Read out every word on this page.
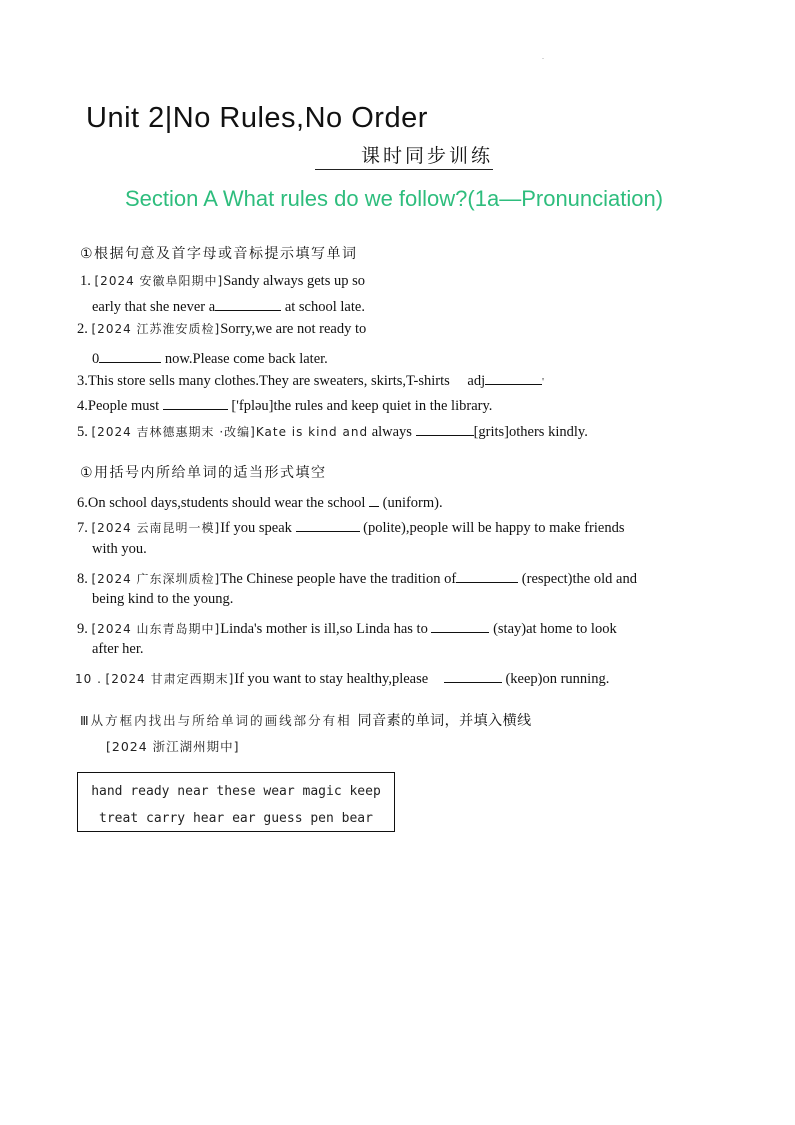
.
Unit 2|No Rules,No Order
课时同步训练
Section A What rules do we follow?(1a—Pronunciation)
①根据句意及首字母或音标提示填写单词
1. [2024 安徽阜阳期中]Sandy always gets up so
early that she never a	at school late.
2. [2024 江苏淮安质检]Sorry,we are not ready to
0	now.Please come back later.
3.This store sells many clothes.They are sweaters, skirts,T-shirts adj	'
4.People must	['fplǝu]the rules and keep quiet in the library.
5. [2024 吉林德惠期末 ·改编]Kate is kind and always	[grits]others kindly.
①用括号内所给单词的适当形式填空
6.On school days,students should wear the school (uniform).
7. [2024 云南昆明一模]If you speak	(polite),people will be happy to make friends
with you.
8. [2024 广东深圳质检]The Chinese people have the tradition of	(respect)the old and
being kind to the young.
9. [2024 山东青岛期中]Linda's mother is ill,so Linda has to	(stay)at home to look
after her.
10 . [2024 甘肃定西期末]If you want to stay healthy,please	(keep)on running.
Ⅲ从方框内找出与所给单词的画线部分有相 同音素的单词，并填入横线
[2024 浙江湖州期中]
hand ready near these wear magic keep
treat carry hear ear guess pen bear
